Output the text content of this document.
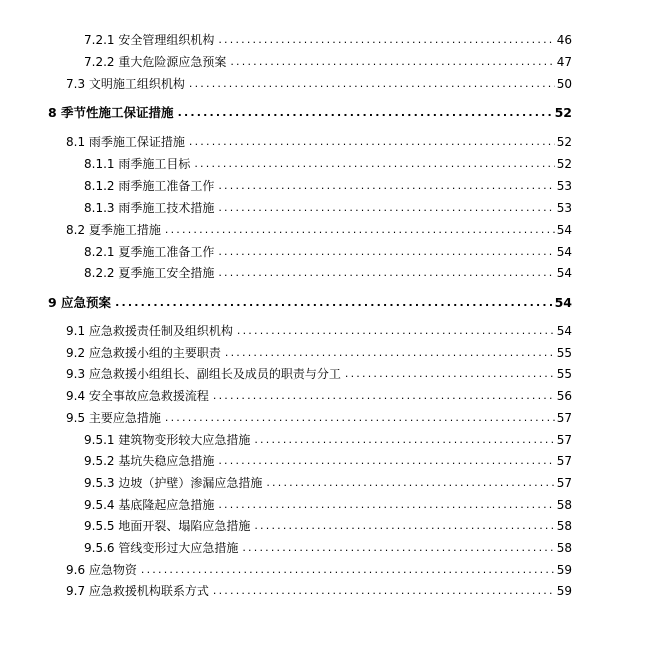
7.2.1 安全管理组织机构 .....	46
7.2.2 重大危险源应急预案 .....	47
7.3 文明施工组织机构 .....	50
8 季节性施工保证措施 .....	52
8.1 雨季施工保证措施 .....	52
8.1.1 雨季施工目标 .....	52
8.1.2 雨季施工准备工作 .....	53
8.1.3 雨季施工技术措施 .....	53
8.2 夏季施工措施 .....	54
8.2.1 夏季施工准备工作 .....	54
8.2.2 夏季施工安全措施 .....	54
9 应急预案 .....	54
9.1 应急救援责任制及组织机构 .....	54
9.2 应急救援小组的主要职责 .....	55
9.3 应急救援小组组长、副组长及成员的职责与分工 .....	55
9.4 安全事故应急救援流程 .....	56
9.5 主要应急措施 .....	57
9.5.1 建筑物变形较大应急措施 .....	57
9.5.2 基坑失稳应急措施 .....	57
9.5.3 边坡（护壁）渗漏应急措施 .....	57
9.5.4 基底隆起应急措施 .....	58
9.5.5 地面开裂、塌陷应急措施 .....	58
9.5.6 管线变形过大应急措施 .....	58
9.6 应急物资 .....	59
9.7 应急救援机构联系方式 .....	59
